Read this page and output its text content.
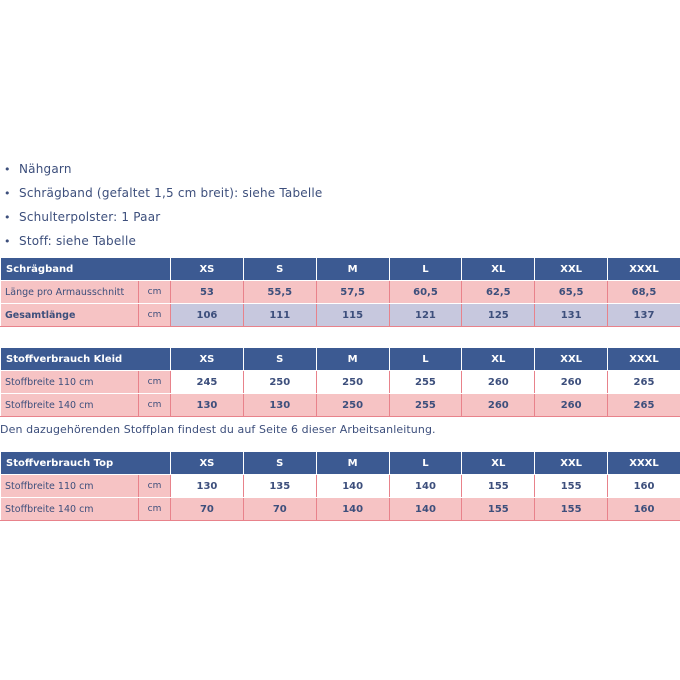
• Nähgarn
• Schrägband (gefaltet 1,5 cm breit): siehe Tabelle
• Schulterpolster: 1 Paar
• Stoff: siehe Tabelle
Schrägband		XS	S	M	L	XL	XXL	XXXL
Länge pro Armausschnitt	cm	53	55,5	57,5	60,5	62,5	65,5	68,5
Gesamtlänge	cm	106	111	115	121	125	131	137
Stoffverbrauch Kleid		XS	S	M	L	XL	XXL	XXXL
Stoffbreite 110 cm	cm	245	250	250	255	260	260	265
Stoffbreite 140 cm	cm	130	130	250	255	260	260	265
Den dazugehörenden Stoffplan findest du auf Seite 6 dieser Arbeitsanleitung.
Stoffverbrauch Top		XS	S	M	L	XL	XXL	XXXL
Stoffbreite 110 cm	cm	130	135	140	140	155	155	160
Stoffbreite 140 cm	cm	70	70	140	140	155	155	160
